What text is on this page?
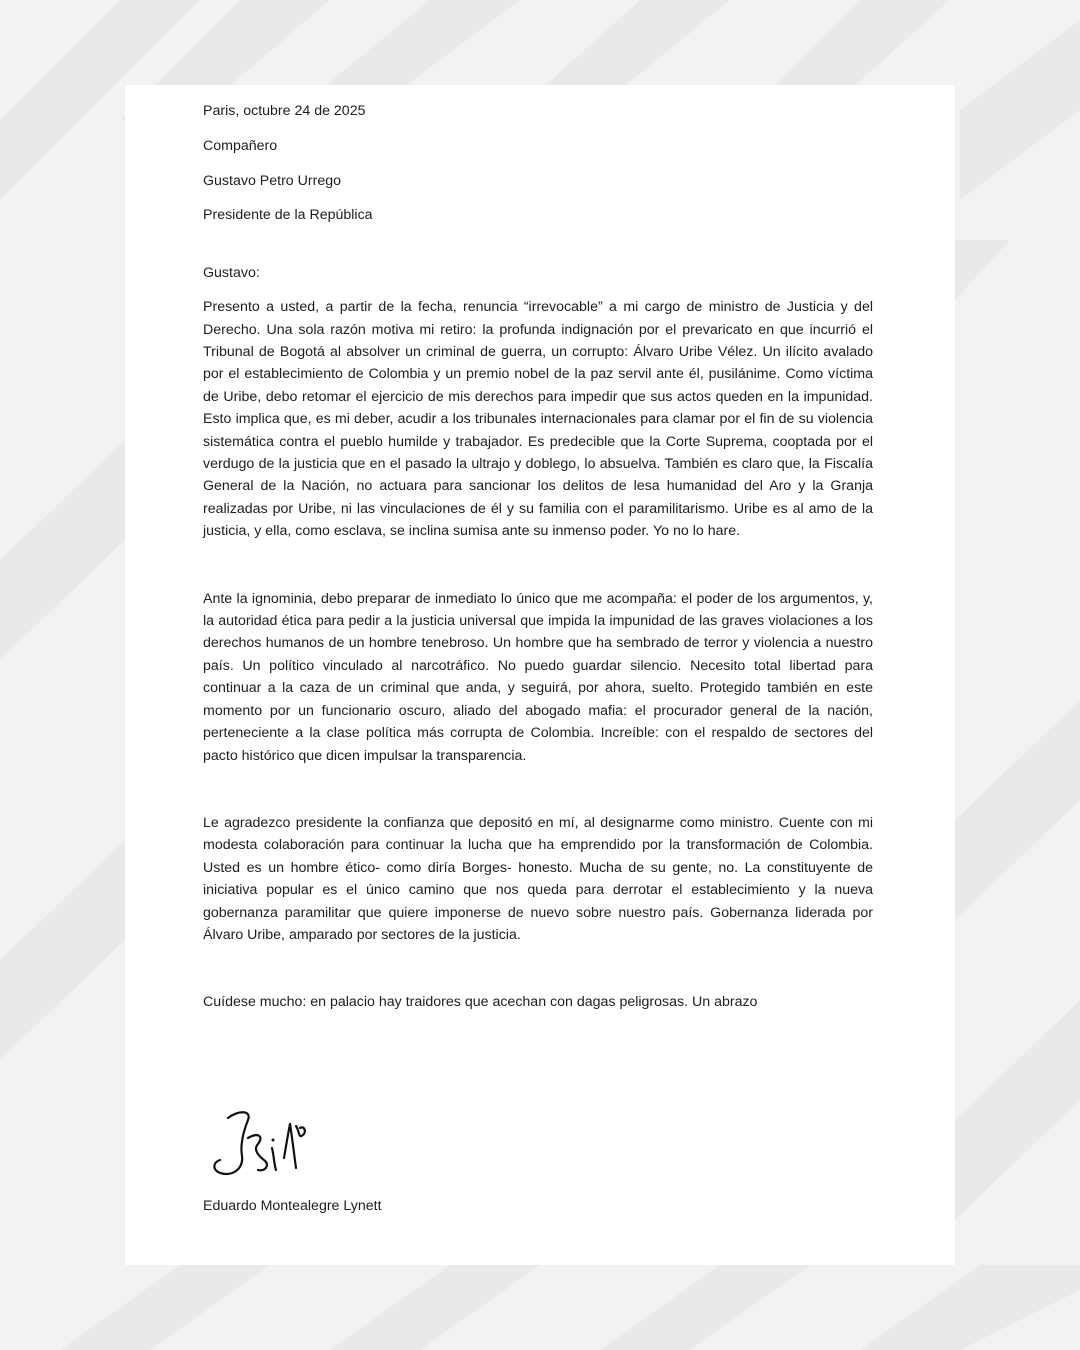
Paris, octubre 24 de 2025

Compañero

Gustavo Petro Urrego

Presidente de la República

Gustavo:

Presento a usted, a partir de la fecha, renuncia “irrevocable” a mi cargo de ministro de Justicia y del Derecho. Una sola razón motiva mi retiro: la profunda indignación por el prevaricato en que incurrió el Tribunal de Bogotá al absolver un criminal de guerra, un corrupto: Álvaro Uribe Vélez. Un ilícito avalado por el establecimiento de Colombia y un premio nobel de la paz servil ante él, pusilánime. Como víctima de Uribe, debo retomar el ejercicio de mis derechos para impedir que sus actos queden en la impunidad. Esto implica que, es mi deber, acudir a los tribunales internacionales para clamar por el fin de su violencia sistemática contra el pueblo humilde y trabajador. Es predecible que la Corte Suprema, cooptada por el verdugo de la justicia que en el pasado la ultrajo y doblego, lo absuelva. También es claro que, la Fiscalía General de la Nación, no actuara para sancionar los delitos de lesa humanidad del Aro y la Granja realizadas por Uribe, ni las vinculaciones de él y su familia con el paramilitarismo. Uribe es al amo de la justicia, y ella, como esclava, se inclina sumisa ante su inmenso poder. Yo no lo hare.

Ante la ignominia, debo preparar de inmediato lo único que me acompaña: el poder de los argumentos, y, la autoridad ética para pedir a la justicia universal que impida la impunidad de las graves violaciones a los derechos humanos de un hombre tenebroso. Un hombre que ha sembrado de terror y violencia a nuestro país. Un político vinculado al narcotráfico. No puedo guardar silencio. Necesito total libertad para continuar a la caza de un criminal que anda, y seguirá, por ahora, suelto. Protegido también en este momento por un funcionario oscuro, aliado del abogado mafia: el procurador general de la nación, perteneciente a la clase política más corrupta de Colombia. Increíble: con el respaldo de sectores del pacto histórico que dicen impulsar la transparencia.

Le agradezco presidente la confianza que depositó en mí, al designarme como ministro. Cuente con mi modesta colaboración para continuar la lucha que ha emprendido por la transformación de Colombia. Usted es un hombre ético- como diría Borges- honesto. Mucha de su gente, no. La constituyente de iniciativa popular es el único camino que nos queda para derrotar el establecimiento y la nueva gobernanza paramilitar que quiere imponerse de nuevo sobre nuestro país. Gobernanza liderada por Álvaro Uribe, amparado por sectores de la justicia.

Cuídese mucho: en palacio hay traidores que acechan con dagas peligrosas. Un abrazo

Eduardo Montealegre Lynett
